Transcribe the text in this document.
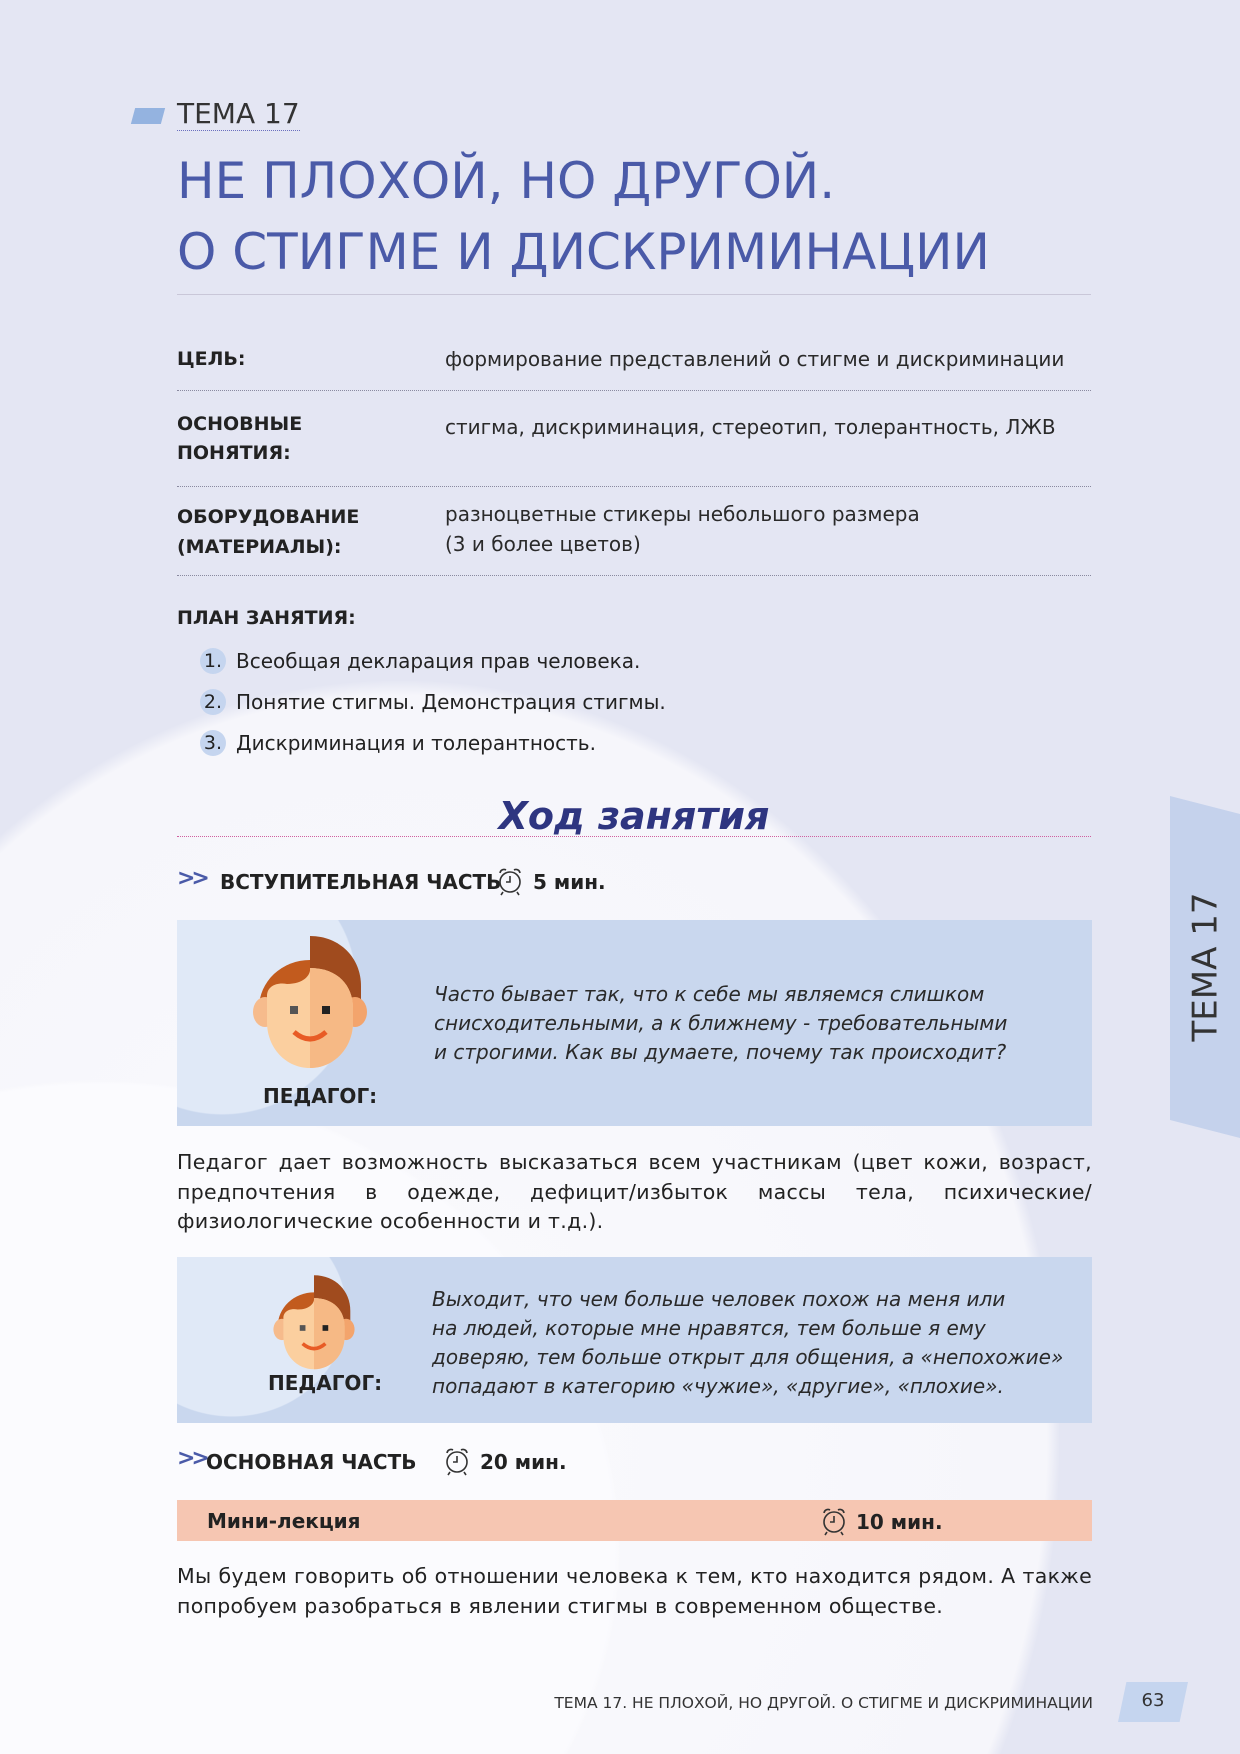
ТЕМА 17
НЕ ПЛОХОЙ, НО ДРУГОЙ.
О СТИГМЕ И ДИСКРИМИНАЦИИ
ЦЕЛЬ:	формирование представлений о стигме и дискриминации
ОСНОВНЫЕ
ПОНЯТИЯ:
стигма, дискриминация, стереотип, толерантность, ЛЖВ
ОБОРУДОВАНИЕ
(МАТЕРИАЛЫ):
разноцветные стикеры небольшого размера
(3 и более цветов)
ПЛАН ЗАНЯТИЯ:
1. Всеобщая декларация прав человека.
2. Понятие стигмы. Демонстрация стигмы.
3. Дискриминация и толерантность.
Ход занятия
>> ВСТУПИТЕЛЬНАЯ ЧАСТЬ 5 мин.
ПЕДАГОГ:
Часто бывает так, что к себе мы являемся слишком
снисходительными, а к ближнему - требовательными
и строгими. Как вы думаете, почему так происходит?
Педагог дает возможность высказаться всем участникам (цвет кожи, возраст, предпочтения в одежде, дефицит/избыток массы тела, психические/физиологические особенности и т.д.).
ПЕДАГОГ:
Выходит, что чем больше человек похож на меня или
на людей, которые мне нравятся, тем больше я ему
доверяю, тем больше открыт для общения, а «непохожие»
попадают в категорию «чужие», «другие», «плохие».
>> ОСНОВНАЯ ЧАСТЬ	20 мин.
Мини-лекция	10 мин.
Мы будем говорить об отношении человека к тем, кто находится рядом. А также попробуем разобраться в явлении стигмы в современном обществе.
ТЕМА 17
ТЕМА 17. НЕ ПЛОХОЙ, НО ДРУГОЙ. О СТИГМЕ И ДИСКРИМИНАЦИИ	63
